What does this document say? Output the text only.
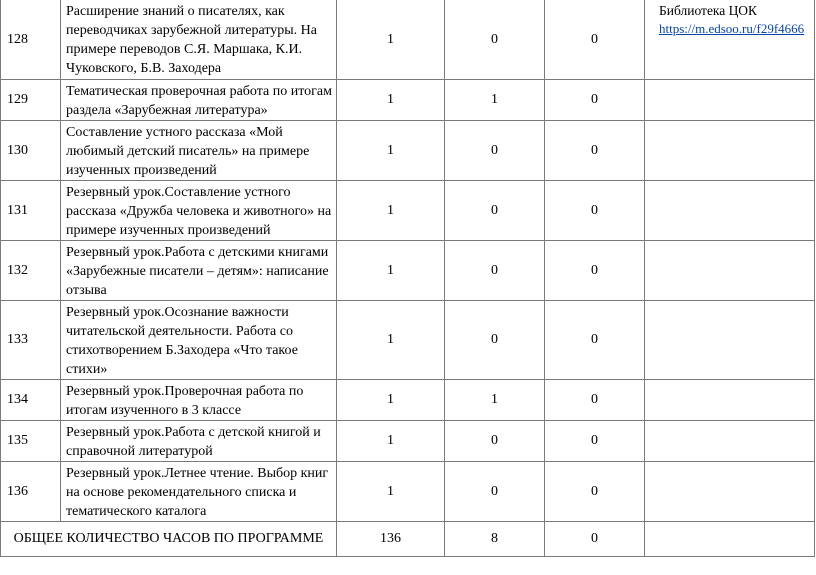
128	Расширение знаний о писателях, как переводчиках зарубежной литературы. На примере переводов С.Я. Маршака, К.И. Чуковского, Б.В. Заходера	1	0	0	Библиотека ЦОК
https://m.edsoo.ru/f29f4666
129	Тематическая проверочная работа по итогам раздела «Зарубежная литература»	1	1	0	
130	Составление устного рассказа «Мой любимый детский писатель» на примере изученных произведений	1	0	0	
131	Резервный урок.Составление устного рассказа «Дружба человека и животного» на примере изученных произведений	1	0	0	
132	Резервный урок.Работа с детскими книгами «Зарубежные писатели – детям»: написание отзыва	1	0	0	
133	Резервный урок.Осознание важности читательской деятельности. Работа со стихотворением Б.Заходера «Что такое стихи»	1	0	0	
134	Резервный урок.Проверочная работа по итогам изученного в 3 классе	1	1	0	
135	Резервный урок.Работа с детской книгой и справочной литературой	1	0	0	
136	Резервный урок.Летнее чтение. Выбор книг на основе рекомендательного списка и тематического каталога	1	0	0	
ОБЩЕЕ КОЛИЧЕСТВО ЧАСОВ ПО ПРОГРАММЕ		136	8	0	
